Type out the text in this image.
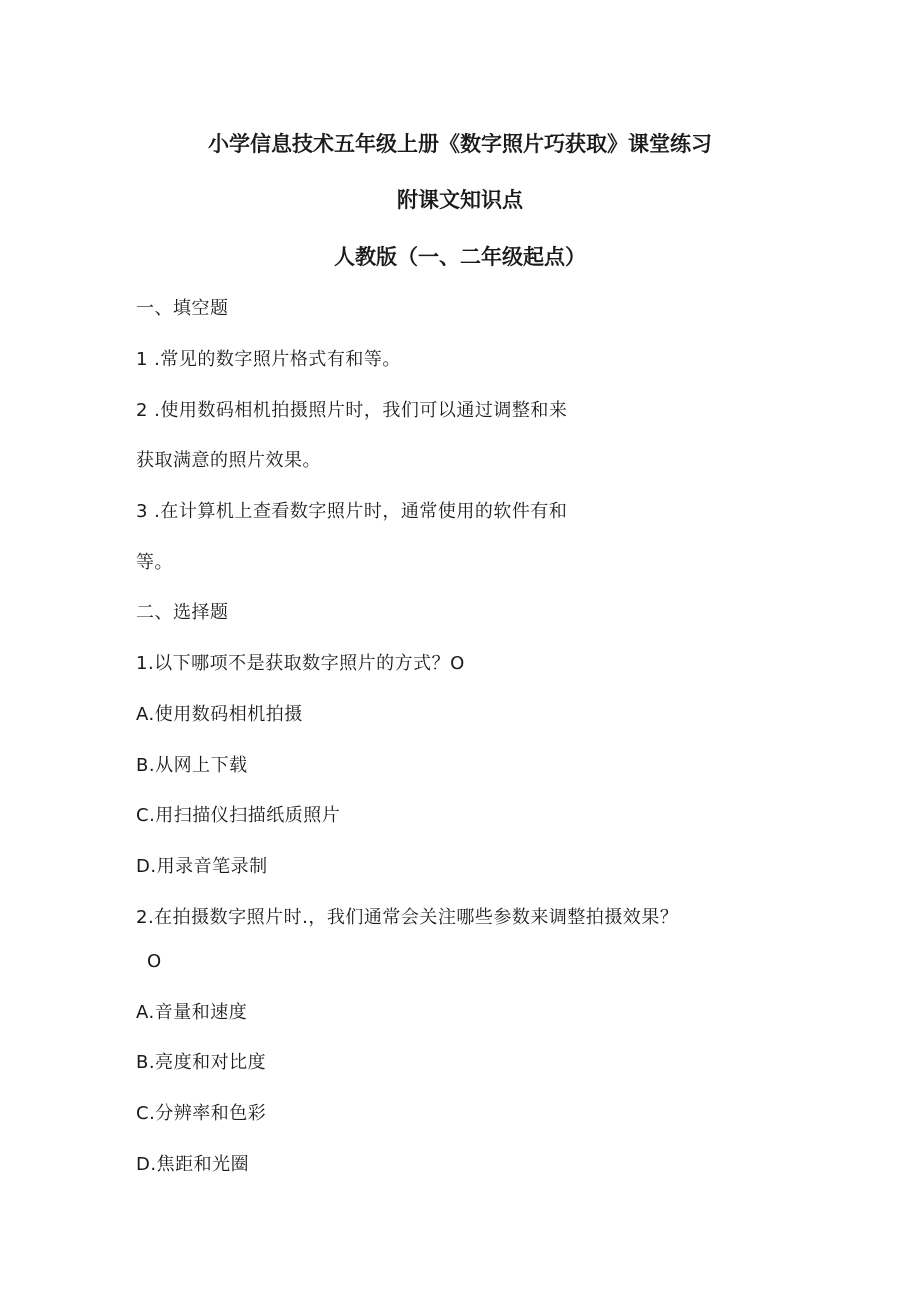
小学信息技术五年级上册《数字照片巧获取》课堂练习
附课文知识点
人教版（一、二年级起点）
一、填空题
1 .常见的数字照片格式有和等。
2 .使用数码相机拍摄照片时，我们可以通过调整和来
获取满意的照片效果。
3 .在计算机上查看数字照片时，通常使用的软件有和
等。
二、选择题
1.以下哪项不是获取数字照片的方式？O
A.使用数码相机拍摄
B.从网上下载
C.用扫描仪扫描纸质照片
D.用录音笔录制
2.在拍摄数字照片时.，我们通常会关注哪些参数来调整拍摄效果？
O
A.音量和速度
B.亮度和对比度
C.分辨率和色彩
D.焦距和光圈
